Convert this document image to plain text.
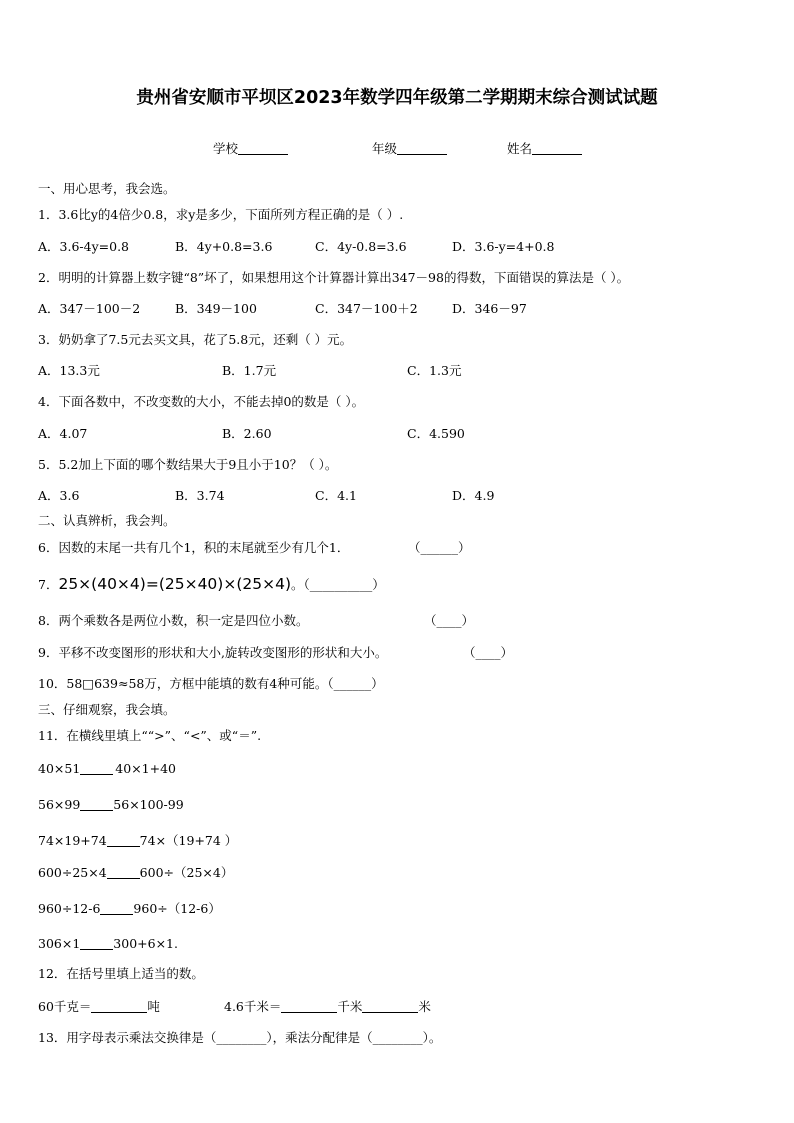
贵州省安顺市平坝区2023年数学四年级第二学期期末综合测试试题
学校	年级	姓名
一、用心思考，我会选。
1．3.6比y的4倍少0.8，求y是多少，下面所列方程正确的是（ ）.
A．3.6-4y=0.8	B．4y+0.8=3.6	C．4y-0.8=3.6	D．3.6-y=4+0.8
2．明明的计算器上数字键“8”坏了，如果想用这个计算器计算出347－98的得数，下面错误的算法是（ ）。
A．347－100－2	B．349－100	C．347－100＋2	D．346－97
3．奶奶拿了7.5元去买文具，花了5.8元，还剩（ ）元。
A．13.3元	B．1.7元	C．1.3元
4．下面各数中，不改变数的大小，不能去掉0的数是（ ）。
A．4.07	B．2.60	C．4.590
5．5.2加上下面的哪个数结果大于9且小于10？（ ）。
A．3.6	B．3.74	C．4.1	D．4.9
二、认真辨析，我会判。
6．因数的末尾一共有几个1，积的末尾就至少有几个1．	（______）
7．25×(40×4)=(25×40)×(25×4)。（__________）
8．两个乘数各是两位小数，积一定是四位小数。	（____）
9．平移不改变图形的形状和大小,旋转改变图形的形状和大小。	（____）
10．58□639≈58万，方框中能填的数有4种可能。（______）
三、仔细观察，我会填。
11．在横线里填上““>”、“<”、或“＝”.
40×51	40×1+40
56×99	56×100-99
74×19+74	74×（19+74 ）
600÷25×4	600÷（25×4）
960÷12-6	960÷（12-6）
306×1	300+6×1.
12．在括号里填上适当的数。
60千克＝	吨	4.6千米＝	千米	米
13．用字母表示乘法交换律是（________），乘法分配律是（________）。
